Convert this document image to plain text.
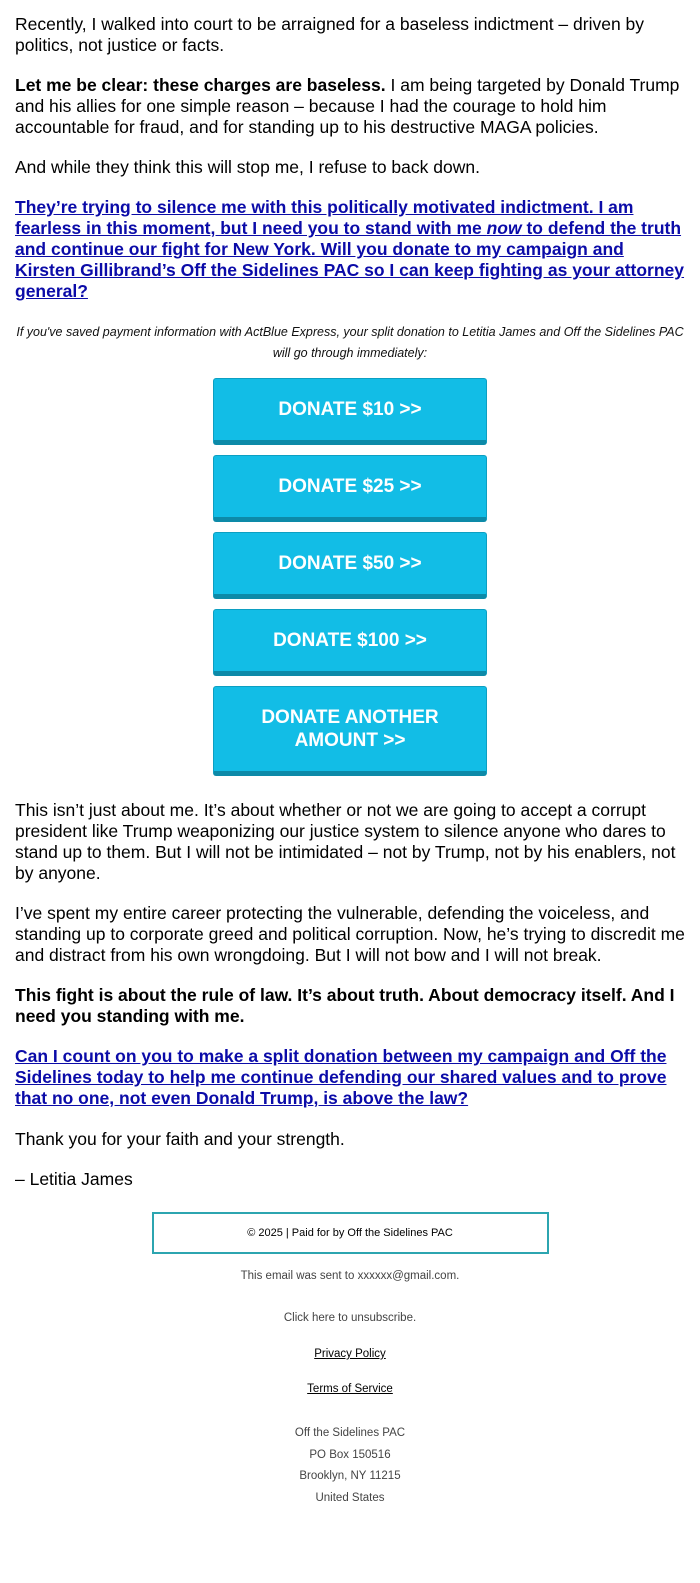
Recently, I walked into court to be arraigned for a baseless indictment – driven by politics, not justice or facts.

Let me be clear: these charges are baseless. I am being targeted by Donald Trump and his allies for one simple reason – because I had the courage to hold him accountable for fraud, and for standing up to his destructive MAGA policies.

And while they think this will stop me, I refuse to back down.

They’re trying to silence me with this politically motivated indictment. I am fearless in this moment, but I need you to stand with me now to defend the truth and continue our fight for New York. Will you donate to my campaign and Kirsten Gillibrand’s Off the Sidelines PAC so I can keep fighting as your attorney general?

If you've saved payment information with ActBlue Express, your split donation to Letitia James and Off the Sidelines PAC will go through immediately:

DONATE $10 >>
DONATE $25 >>
DONATE $50 >>
DONATE $100 >>
DONATE ANOTHER AMOUNT >>

This isn’t just about me. It’s about whether or not we are going to accept a corrupt president like Trump weaponizing our justice system to silence anyone who dares to stand up to them. But I will not be intimidated – not by Trump, not by his enablers, not by anyone.

I’ve spent my entire career protecting the vulnerable, defending the voiceless, and standing up to corporate greed and political corruption. Now, he’s trying to discredit me and distract from his own wrongdoing. But I will not bow and I will not break.

This fight is about the rule of law. It’s about truth. About democracy itself. And I need you standing with me.

Can I count on you to make a split donation between my campaign and Off the Sidelines today to help me continue defending our shared values and to prove that no one, not even Donald Trump, is above the law?

Thank you for your faith and your strength.

– Letitia James

© 2025 | Paid for by Off the Sidelines PAC

This email was sent to xxxxxx@gmail.com.

Click here to unsubscribe.

Privacy Policy

Terms of Service

Off the Sidelines PAC
PO Box 150516
Brooklyn, NY 11215
United States
